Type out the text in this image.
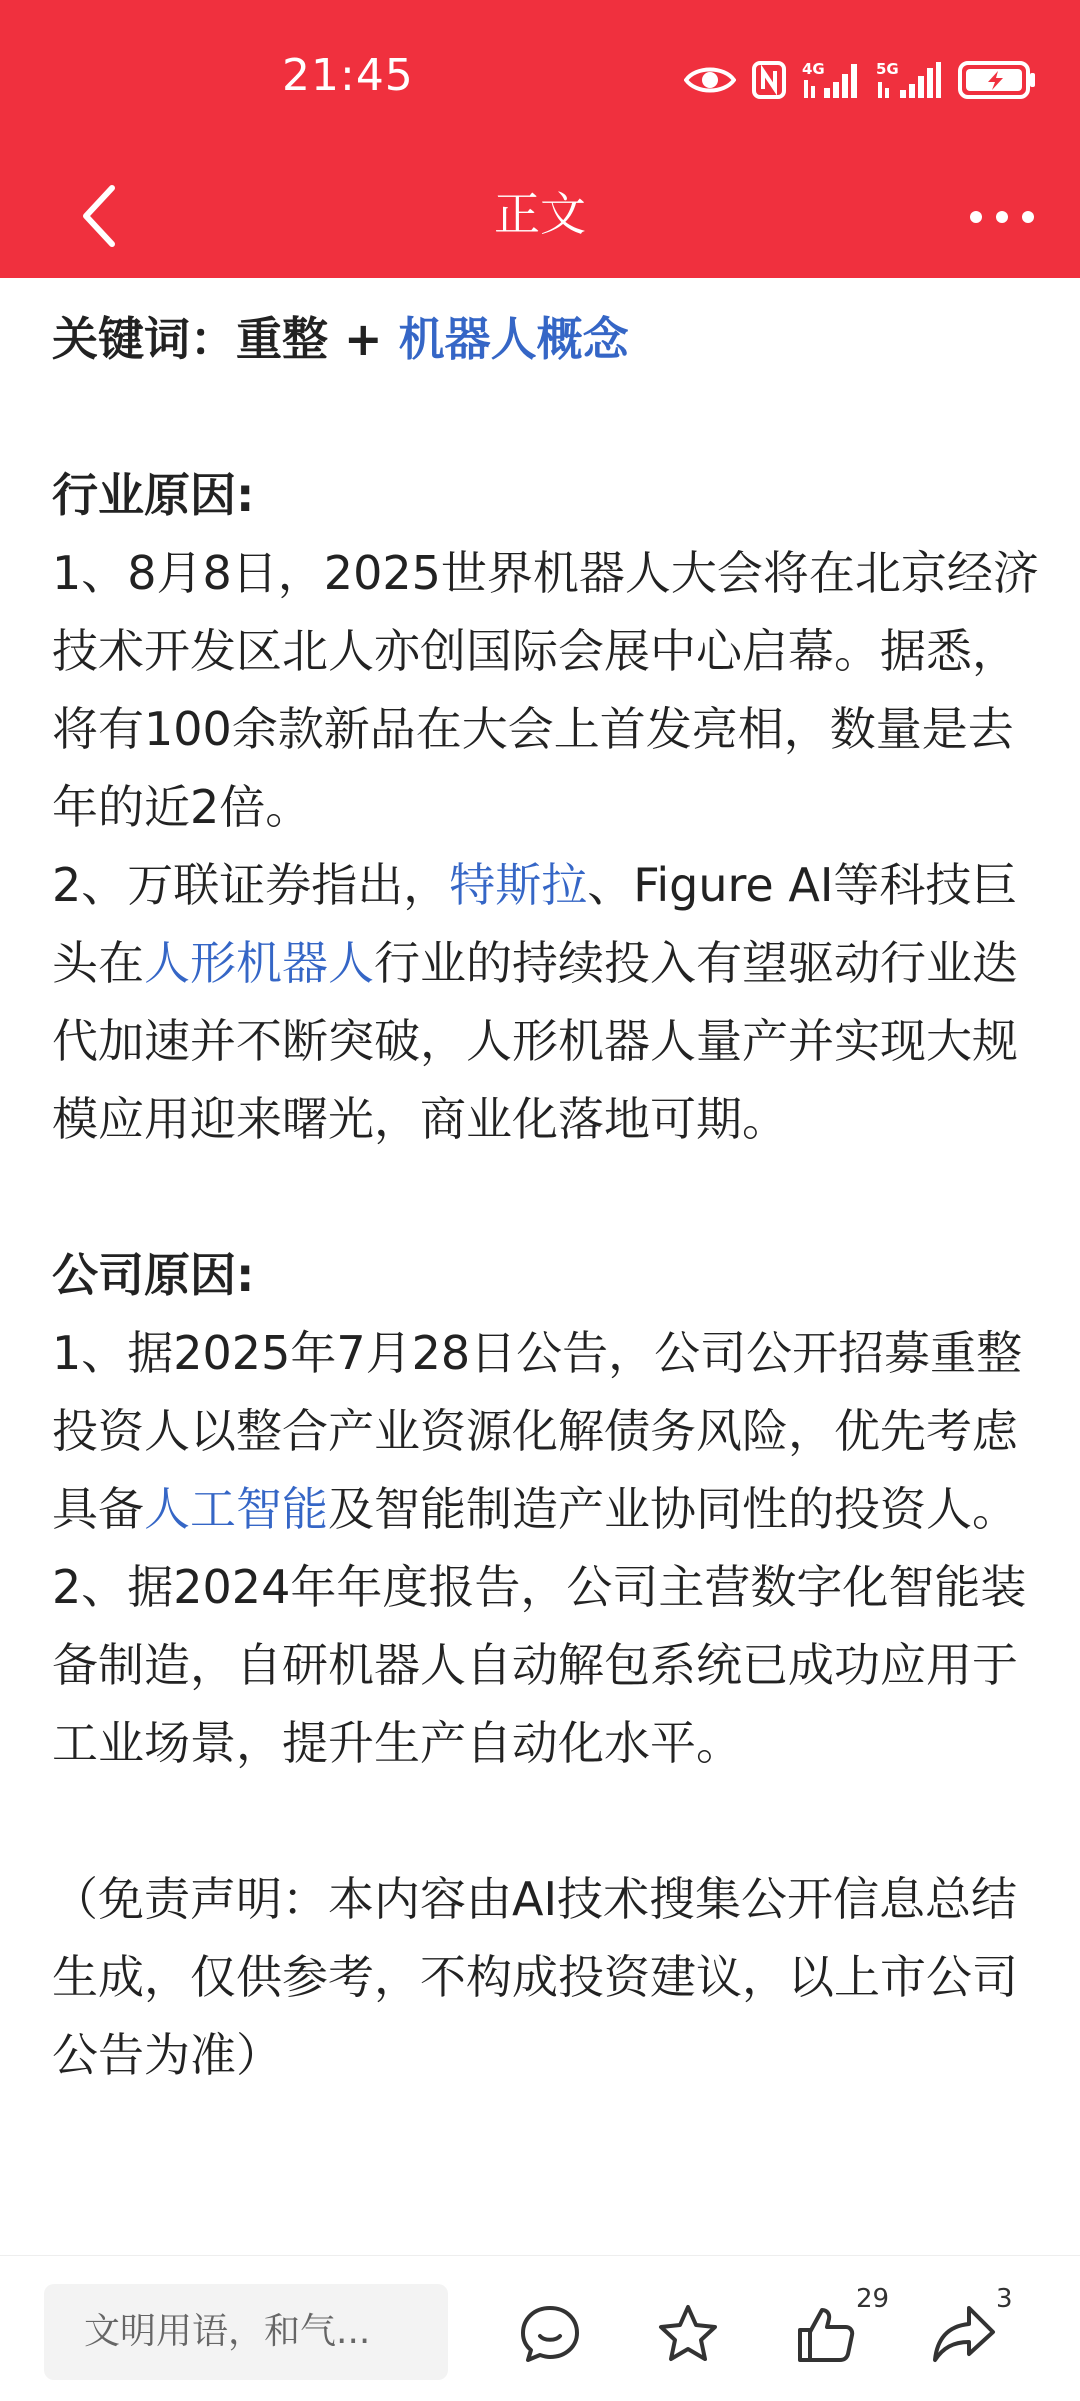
21:45	4G	5G
正文

关键词：重整 + 机器人概念

行业原因:

1、8月8日，2025世界机器人大会将在北京经济技术开发区北人亦创国际会展中心启幕。据悉，将有100余款新品在大会上首发亮相，数量是去年的近2倍。

2、万联证券指出，特斯拉、Figure AI等科技巨头在人形机器人行业的持续投入有望驱动行业迭代加速并不断突破，人形机器人量产并实现大规模应用迎来曙光，商业化落地可期。

公司原因:

1、据2025年7月28日公告，公司公开招募重整投资人以整合产业资源化解债务风险，优先考虑具备人工智能及智能制造产业协同性的投资人。

2、据2024年年度报告，公司主营数字化智能装备制造，自研机器人自动解包系统已成功应用于工业场景，提升生产自动化水平。

（免责声明：本内容由AI技术搜集公开信息总结生成，仅供参考，不构成投资建议，以上市公司公告为准）

文明用语，和气...
29	3
